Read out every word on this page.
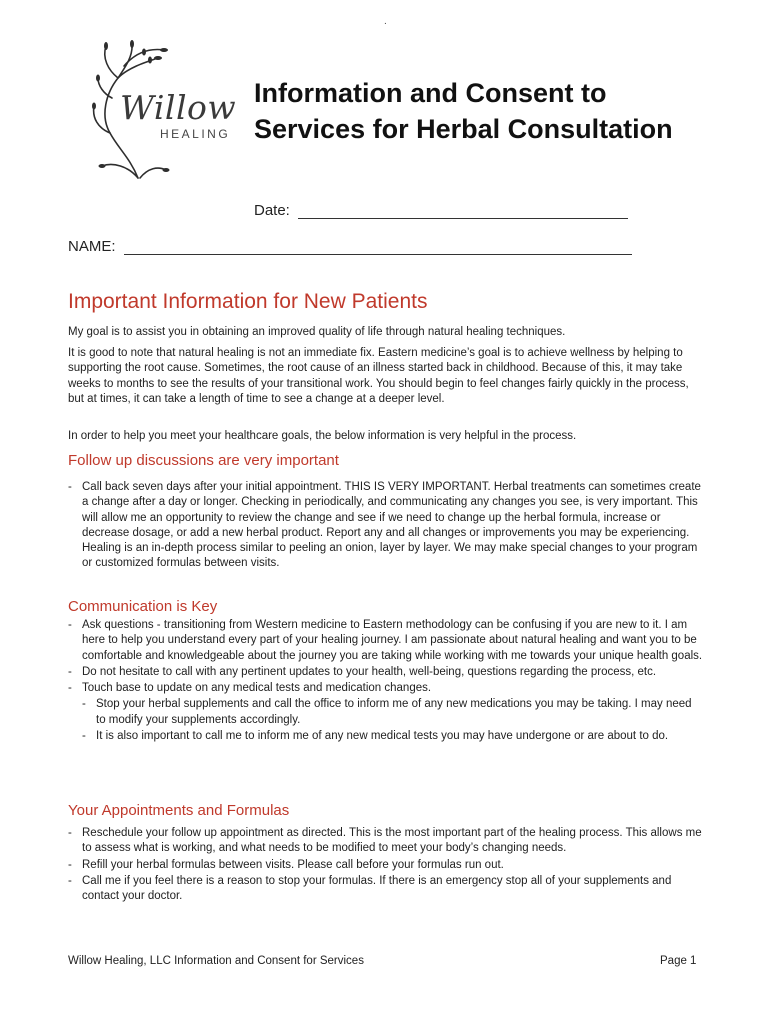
.
Willow
HEALING
Information and Consent to Services for Herbal Consultation
Date:
NAME:
Important Information for New Patients

My goal is to assist you in obtaining an improved quality of life through natural healing techniques.

It is good to note that natural healing is not an immediate fix. Eastern medicine’s goal is to achieve wellness by helping to supporting the root cause. Sometimes, the root cause of an illness started back in childhood. Because of this, it may take weeks to months to see the results of your transitional work. You should begin to feel changes fairly quickly in the process, but at times, it can take a length of time to see a change at a deeper level.

In order to help you meet your healthcare goals, the below information is very helpful in the process.

Follow up discussions are very important
- Call back seven days after your initial appointment. THIS IS VERY IMPORTANT. Herbal treatments can sometimes create a change after a day or longer. Checking in periodically, and communicating any changes you see, is very important. This will allow me an opportunity to review the change and see if we need to change up the herbal formula, increase or decrease dosage, or add a new herbal product. Report any and all changes or improvements you may be experiencing. Healing is an in-depth process similar to peeling an onion, layer by layer. We may make special changes to your program or customized formulas between visits.
Communication is Key
- Ask questions - transitioning from Western medicine to Eastern methodology can be confusing if you are new to it. I am here to help you understand every part of your healing journey. I am passionate about natural healing and want you to be comfortable and knowledgeable about the journey you are taking while working with me towards your unique health goals.
- Do not hesitate to call with any pertinent updates to your health, well-being, questions regarding the process, etc.
- Touch base to update on any medical tests and medication changes.
- Stop your herbal supplements and call the office to inform me of any new medications you may be taking. I may need to modify your supplements accordingly.
- It is also important to call me to inform me of any new medical tests you may have undergone or are about to do.
Your Appointments and Formulas
- Reschedule your follow up appointment as directed. This is the most important part of the healing process. This allows me to assess what is working, and what needs to be modified to meet your body’s changing needs.
- Refill your herbal formulas between visits. Please call before your formulas run out.
- Call me if you feel there is a reason to stop your formulas. If there is an emergency stop all of your supplements and contact your doctor.
Willow Healing, LLC Information and Consent for Services	Page 1
